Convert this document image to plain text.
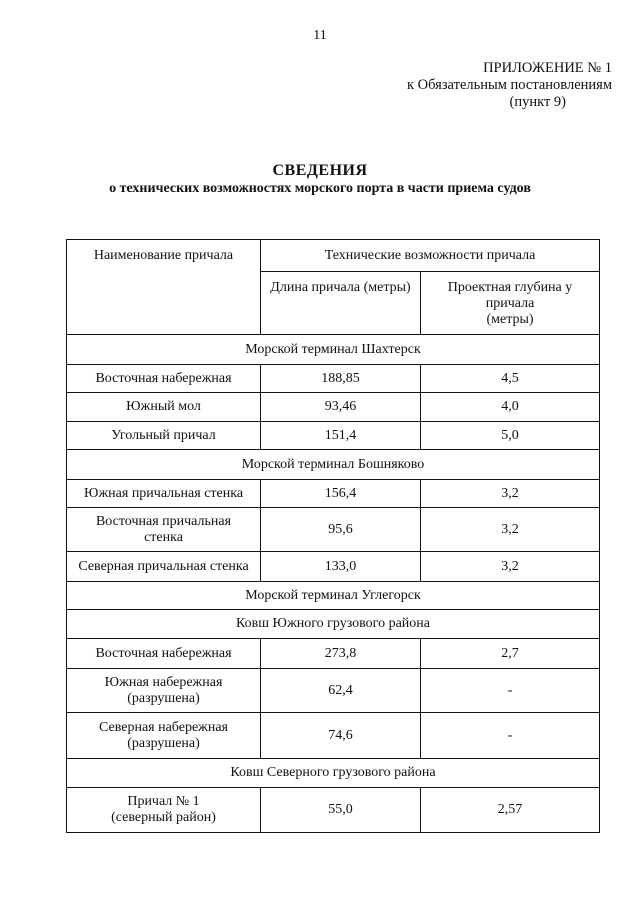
11
ПРИЛОЖЕНИЕ № 1
к Обязательным постановлениям
(пункт 9)
СВЕДЕНИЯ
о технических возможностях морского порта в части приема судов
Наименование причала	Технические возможности причала	
	Длина причала (метры)	Проектная глубина у
причала
(метры)

Морской терминал Шахтерск		

Восточная набережная	188,85	4,5

Южный мол	93,46	4,0

Угольный причал	151,4	5,0
Морской терминал Бошняково		

Южная причальная стенка	156,4	3,2

Восточная причальная
стенка	95,6	3,2

Северная причальная стенка	133,0	3,2
Морской терминал Углегорск		
Ковш Южного грузового района		

Восточная набережная	273,8	2,7

Южная набережная
(разрушена)	62,4	-

Северная набережная
(разрушена)	74,6	-
Ковш Северного грузового района		

Причал № 1
(северный район)	55,0	2,57
